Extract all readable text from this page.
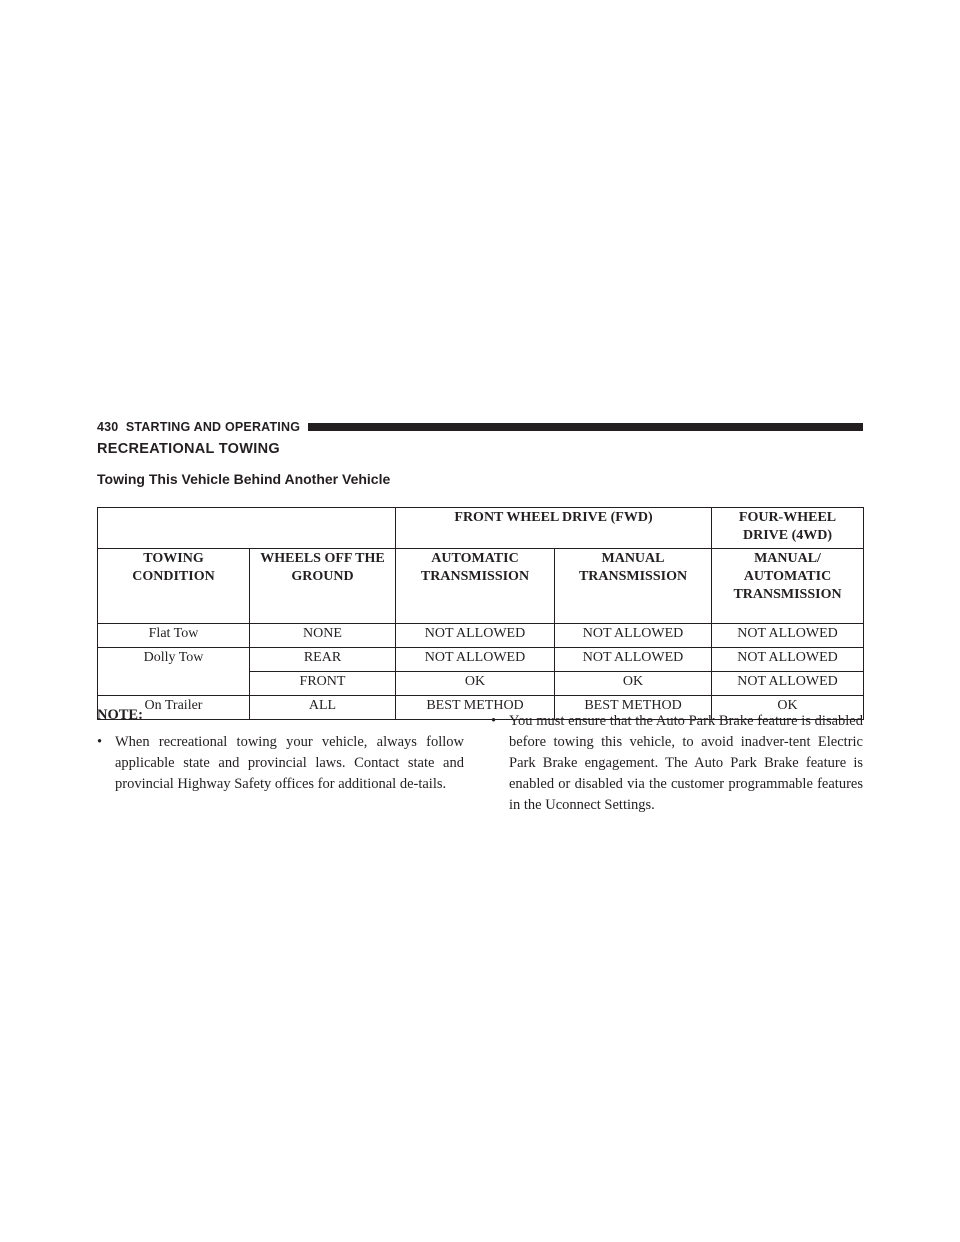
430 STARTING AND OPERATING
RECREATIONAL TOWING
Towing This Vehicle Behind Another Vehicle
		FRONT WHEEL DRIVE (FWD)		FOUR-WHEEL DRIVE (4WD)
TOWING CONDITION	WHEELS OFF THE GROUND	AUTOMATIC TRANSMISSION	MANUAL TRANSMISSION	MANUAL/ AUTOMATIC TRANSMISSION
Flat Tow	NONE	NOT ALLOWED	NOT ALLOWED	NOT ALLOWED
Dolly Tow	REAR	NOT ALLOWED	NOT ALLOWED	NOT ALLOWED
	FRONT	OK	OK	NOT ALLOWED
On Trailer	ALL	BEST METHOD	BEST METHOD	OK
NOTE:
• When recreational towing your vehicle, always follow applicable state and provincial laws. Contact state and provincial Highway Safety offices for additional de-tails.
• You must ensure that the Auto Park Brake feature is disabled before towing this vehicle, to avoid inadver-tent Electric Park Brake engagement. The Auto Park Brake feature is enabled or disabled via the customer programmable features in the Uconnect Settings.
